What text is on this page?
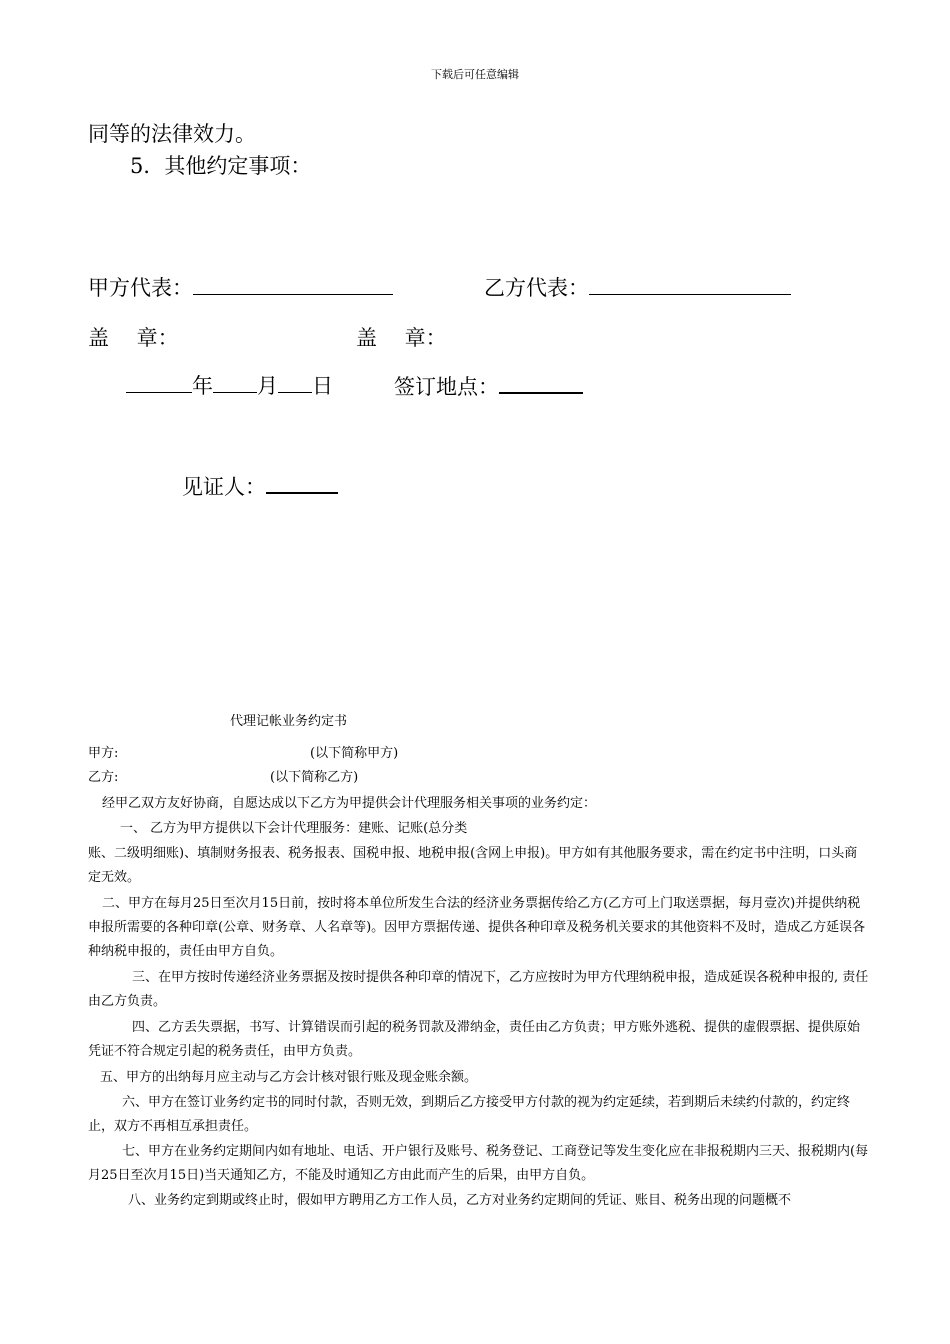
下载后可任意编辑
同等的法律效力。
5．其他约定事项：
甲方代表：	乙方代表：
盖　 章：	盖　 章：
年 月 日	签订地点：
见证人：
代理记帐业务约定书
甲方:	(以下简称甲方)
乙方:	(以下简称乙方)
经甲乙双方友好协商，自愿达成以下乙方为甲提供会计代理服务相关事项的业务约定：
一、 乙方为甲方提供以下会计代理服务：建账、记账(总分类
账、二级明细账)、填制财务报表、税务报表、国税申报、地税申报(含网上申报)。甲方如有其他服务要求，需在约定书中注明，口头商定无效。
二、甲方在每月25日至次月15日前，按时将本单位所发生合法的经济业务票据传给乙方(乙方可上门取送票据，每月壹次)并提供纳税申报所需要的各种印章(公章、财务章、人名章等)。因甲方票据传递、提供各种印章及税务机关要求的其他资料不及时，造成乙方延误各种纳税申报的，责任由甲方自负。
三、在甲方按时传递经济业务票据及按时提供各种印章的情况下，乙方应按时为甲方代理纳税申报，造成延误各税种申报的, 责任由乙方负责。
四、乙方丢失票据，书写、计算错误而引起的税务罚款及滞纳金，责任由乙方负责；甲方账外逃税、提供的虚假票据、提供原始凭证不符合规定引起的税务责任，由甲方负责。
五、甲方的出纳每月应主动与乙方会计核对银行账及现金账余额。
六、甲方在签订业务约定书的同时付款，否则无效，到期后乙方接受甲方付款的视为约定延续，若到期后未续约付款的，约定终止，双方不再相互承担责任。
七、甲方在业务约定期间内如有地址、电话、开户银行及账号、税务登记、工商登记等发生变化应在非报税期内三天、报税期内(每月25日至次月15日)当天通知乙方，不能及时通知乙方由此而产生的后果，由甲方自负。
八、业务约定到期或终止时，假如甲方聘用乙方工作人员，乙方对业务约定期间的凭证、账目、税务出现的问题概不
